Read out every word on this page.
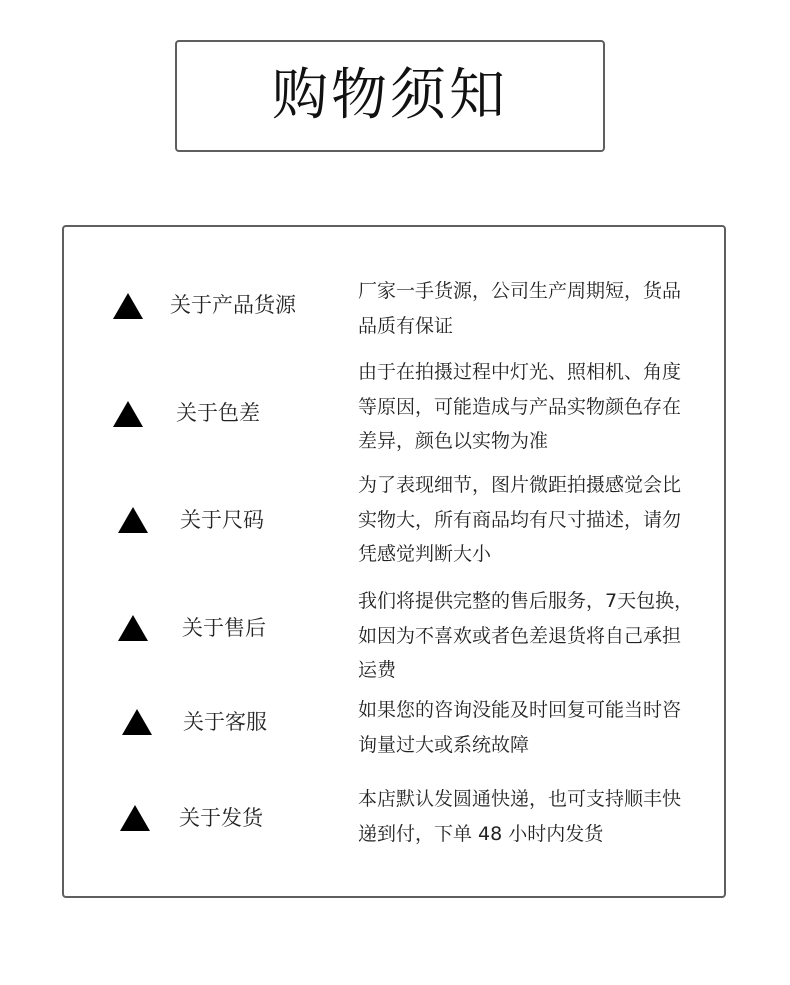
购物须知
关于产品货源
厂家一手货源，公司生产周期短，货品品质有保证
关于色差
由于在拍摄过程中灯光、照相机、角度等原因，可能造成与产品实物颜色存在差异，颜色以实物为准
关于尺码
为了表现细节，图片微距拍摄感觉会比实物大，所有商品均有尺寸描述，请勿凭感觉判断大小
关于售后
我们将提供完整的售后服务，7天包换，如因为不喜欢或者色差退货将自己承担运费
关于客服	如果您的咨询没能及时回复可能当时咨询量过大或系统故障
关于发货
本店默认发圆通快递，也可支持顺丰快递到付，下单 48 小时内发货
